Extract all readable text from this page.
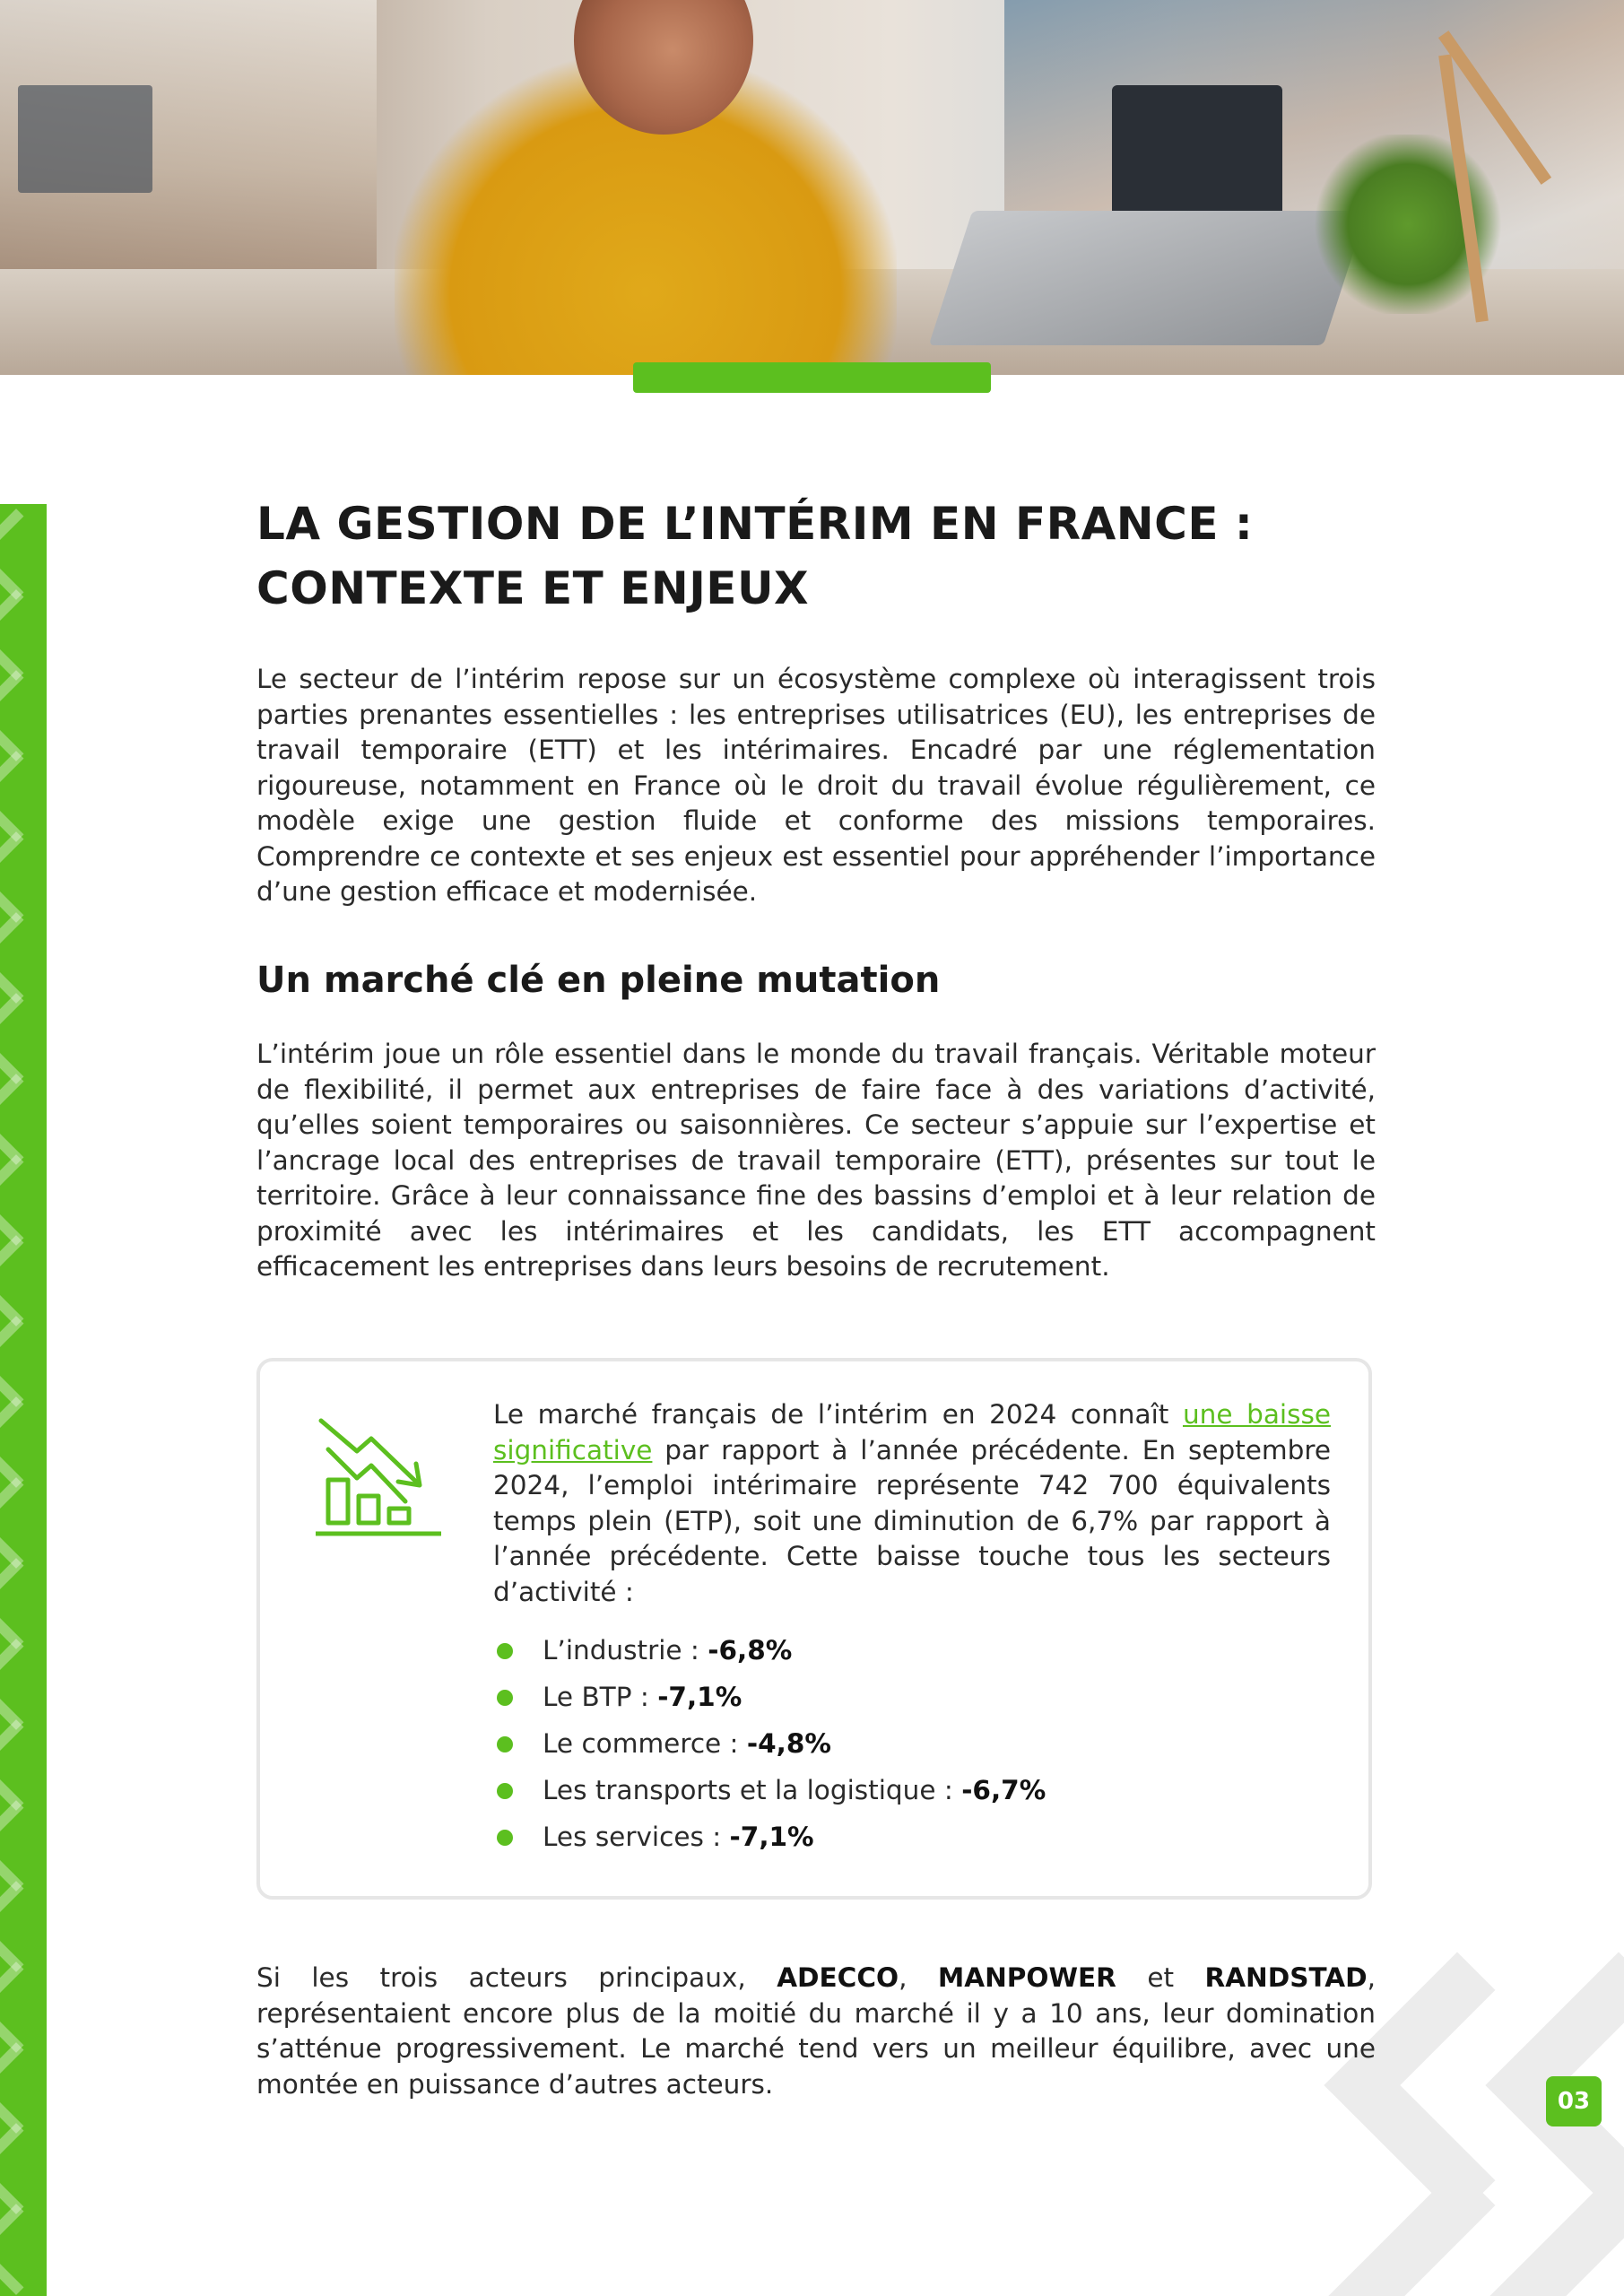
LA GESTION DE L’INTÉRIM EN FRANCE :
CONTEXTE ET ENJEUX

Le secteur de l’intérim repose sur un écosystème complexe où interagissent trois parties prenantes essentielles : les entreprises utilisatrices (EU), les entreprises de travail temporaire (ETT) et les intérimaires. Encadré par une réglementation rigoureuse, notamment en France où le droit du travail évolue régulièrement, ce modèle exige une gestion fluide et conforme des missions temporaires. Comprendre ce contexte et ses enjeux est essentiel pour appréhender l’importance d’une gestion efficace et modernisée.

Un marché clé en pleine mutation

L’intérim joue un rôle essentiel dans le monde du travail français. Véritable moteur de flexibilité, il permet aux entreprises de faire face à des variations d’activité, qu’elles soient temporaires ou saisonnières. Ce secteur s’appuie sur l’expertise et l’ancrage local des entreprises de travail temporaire (ETT), présentes sur tout le territoire. Grâce à leur connaissance fine des bassins d’emploi et à leur relation de proximité avec les intérimaires et les candidats, les ETT accompagnent efficacement les entreprises dans leurs besoins de recrutement.

Le marché français de l’intérim en 2024 connaît une baisse significative par rapport à l’année précédente. En septembre 2024, l’emploi intérimaire représente 742 700 équivalents temps plein (ETP), soit une diminution de 6,7% par rapport à l’année précédente. Cette baisse touche tous les secteurs d’activité :

L’industrie : -6,8%
Le BTP : -7,1%
Le commerce : -4,8%
Les transports et la logistique : -6,7%
Les services : -7,1%

Si les trois acteurs principaux, ADECCO, MANPOWER et RANDSTAD, représentaient encore plus de la moitié du marché il y a 10 ans, leur domination s’atténue progressivement. Le marché tend vers un meilleur équilibre, avec une montée en puissance d’autres acteurs.

03
